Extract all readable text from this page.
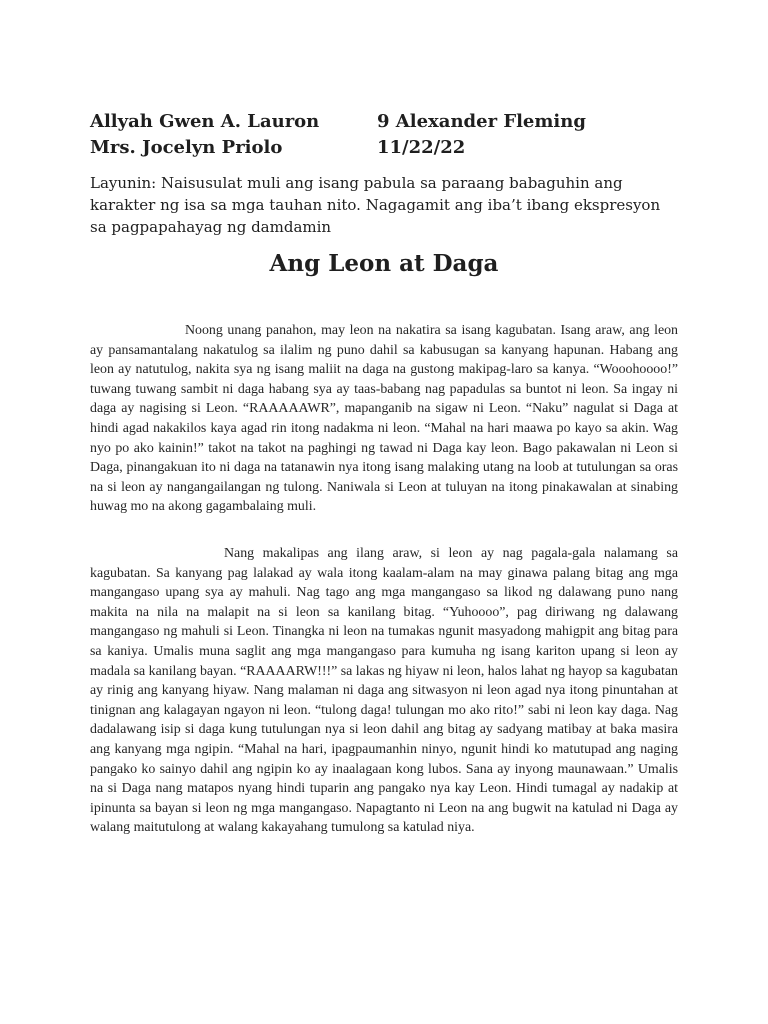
Allyah Gwen A. Lauron	9 Alexander Fleming
Mrs. Jocelyn Priolo	11/22/22
Layunin: Naisusulat muli ang isang pabula sa paraang babaguhin ang karakter ng isa sa mga tauhan nito. Nagagamit ang iba’t ibang ekspresyon sa pagpapahayag ng damdamin
Ang Leon at Daga
Noong unang panahon, may leon na nakatira sa isang kagubatan. Isang araw, ang leon ay pansamantalang nakatulog sa ilalim ng puno dahil sa kabusugan sa kanyang hapunan. Habang ang leon ay natutulog, nakita sya ng isang maliit na daga na gustong makipag-laro sa kanya. “Wooohoooo!” tuwang tuwang sambit ni daga habang sya ay taas-babang nag papadulas sa buntot ni leon. Sa ingay ni daga ay nagising si Leon. “RAAAAAWR”, mapanganib na sigaw ni Leon. “Naku” nagulat si Daga at hindi agad nakakilos kaya agad rin itong nadakma ni leon. “Mahal na hari maawa po kayo sa akin. Wag nyo po ako kainin!” takot na takot na paghingi ng tawad ni Daga kay leon. Bago pakawalan ni Leon si Daga, pinangakuan ito ni daga na tatanawin nya itong isang malaking utang na loob at tutulungan sa oras na si leon ay nangangailangan ng tulong. Naniwala si Leon at tuluyan na itong pinakawalan at sinabing huwag mo na akong gagambalaing muli.
Nang makalipas ang ilang araw, si leon ay nag pagala-gala nalamang sa kagubatan. Sa kanyang pag lalakad ay wala itong kaalam-alam na may ginawa palang bitag ang mga mangangaso upang sya ay mahuli. Nag tago ang mga mangangaso sa likod ng dalawang puno nang makita na nila na malapit na si leon sa kanilang bitag. “Yuhoooo”, pag diriwang ng dalawang mangangaso ng mahuli si Leon. Tinangka ni leon na tumakas ngunit masyadong mahigpit ang bitag para sa kaniya. Umalis muna saglit ang mga mangangaso para kumuha ng isang kariton upang si leon ay madala sa kanilang bayan. “RAAAARW!!!” sa lakas ng hiyaw ni leon, halos lahat ng hayop sa kagubatan ay rinig ang kanyang hiyaw. Nang malaman ni daga ang sitwasyon ni leon agad nya itong pinuntahan at tinignan ang kalagayan ngayon ni leon. “tulong daga! tulungan mo ako rito!” sabi ni leon kay daga. Nag dadalawang isip si daga kung tutulungan nya si leon dahil ang bitag ay sadyang matibay at baka masira ang kanyang mga ngipin. “Mahal na hari, ipagpaumanhin ninyo, ngunit hindi ko matutupad ang naging pangako ko sainyo dahil ang ngipin ko ay inaalagaan kong lubos. Sana ay inyong maunawaan.” Umalis na si Daga nang matapos nyang hindi tuparin ang pangako nya kay Leon. Hindi tumagal ay nadakip at ipinunta sa bayan si leon ng mga mangangaso. Napagtanto ni Leon na ang bugwit na katulad ni Daga ay walang maitutulong at walang kakayahang tumulong sa katulad niya.
